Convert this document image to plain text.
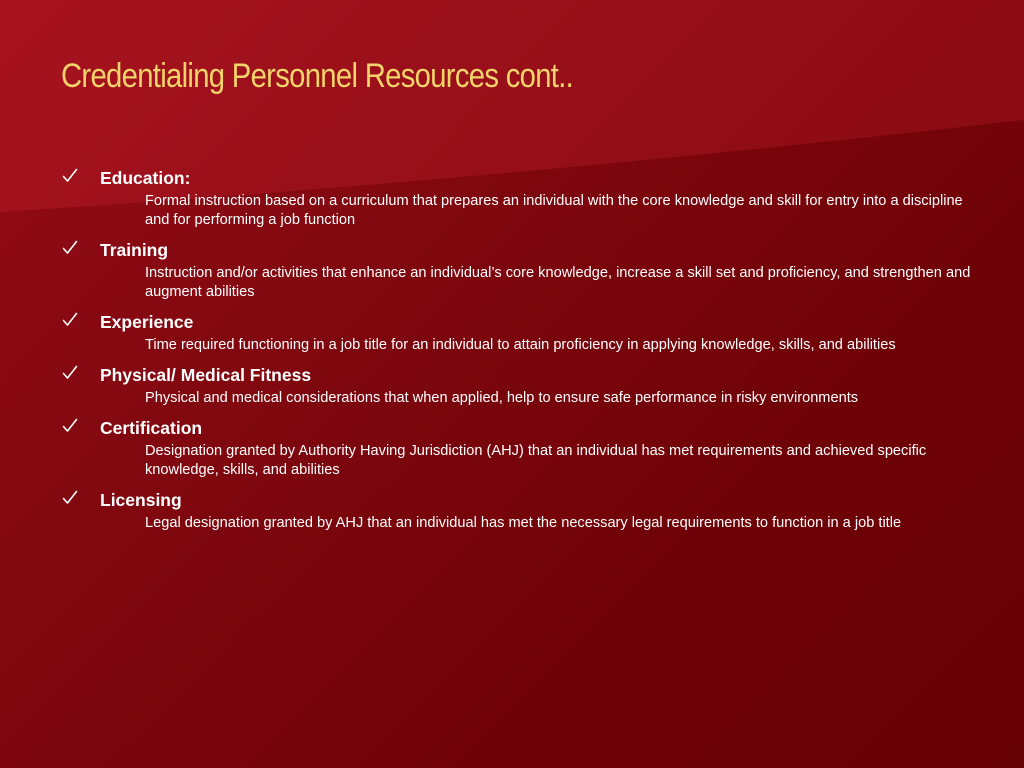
Credentialing Personnel Resources cont..
Education:
Formal instruction based on a curriculum that prepares an individual with the core knowledge and skill for entry into a discipline and for performing a job function
Training
Instruction and/or activities that enhance an individual’s core knowledge, increase a skill set and proficiency, and strengthen and augment abilities
Experience
Time required functioning in a job title for an individual to attain proficiency in applying knowledge, skills, and abilities
Physical/ Medical Fitness
Physical and medical considerations that when applied, help to ensure safe performance in risky environments
Certification
Designation granted by Authority Having Jurisdiction (AHJ) that an individual has met requirements and achieved specific knowledge, skills, and abilities
Licensing
Legal designation granted by AHJ that an individual has met the necessary legal requirements to function in a job title
